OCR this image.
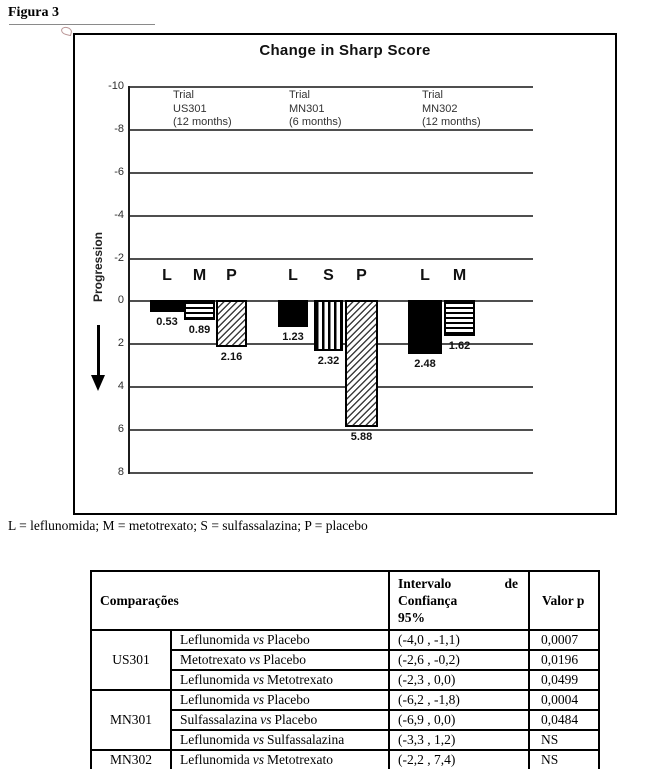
Figura 3
Change in Sharp Score
Progression
-10
-8
-6
-4
-2
0
2
4
6
8
Trial
US301
(12 months)
L
0.53
M
0.89
P
2.16
Trial
MN301
(6 months)
L
1.23
S
2.32
P
5.88
Trial
MN302
(12 months)
L
2.48
M
1.62
L = leflunomida; M = metotrexato; S = sulfassalazina; P = placebo
Comparações		Intervalo de
Confiança
95%	Valor p
US301	Leflunomida vs Placebo	(-4,0 , -1,1)	0,0007
	Metotrexato vs Placebo	(-2,6 , -0,2)	0,0196
	Leflunomida vs Metotrexato	(-2,3 , 0,0)	0,0499
MN301	Leflunomida vs Placebo	(-6,2 , -1,8)	0,0004
	Sulfassalazina vs Placebo	(-6,9 , 0,0)	0,0484
	Leflunomida vs Sulfassalazina	(-3,3 , 1,2)	NS
MN302	Leflunomida vs Metotrexato	(-2,2 , 7,4)	NS
